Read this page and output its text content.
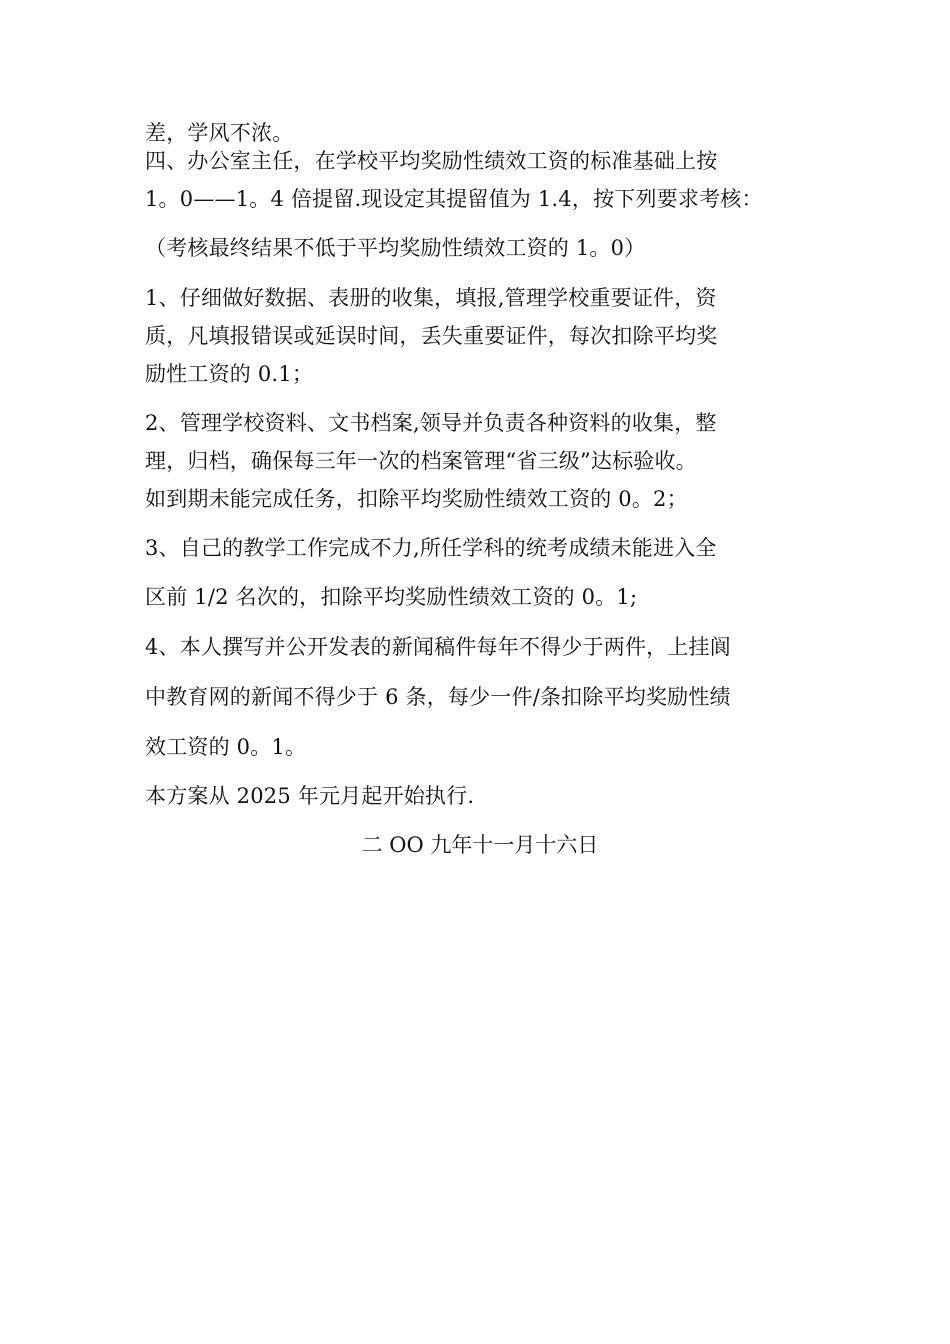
差，学风不浓。
四、办公室主任，在学校平均奖励性绩效工资的标准基础上按
1。0——1。4 倍提留.现设定其提留值为 1.4，按下列要求考核：
（考核最终结果不低于平均奖励性绩效工资的 1。0）
1、仔细做好数据、表册的收集，填报,管理学校重要证件，资
质，凡填报错误或延误时间，丢失重要证件，每次扣除平均奖
励性工资的 0.1；
2、管理学校资料、文书档案,领导并负责各种资料的收集，整
理，归档，确保每三年一次的档案管理“省三级”达标验收。
如到期未能完成任务，扣除平均奖励性绩效工资的 0。2；
3、自己的教学工作完成不力,所任学科的统考成绩未能进入全
区前 1/2 名次的，扣除平均奖励性绩效工资的 0。1;
4、本人撰写并公开发表的新闻稿件每年不得少于两件，上挂阆
中教育网的新闻不得少于 6 条，每少一件/条扣除平均奖励性绩
效工资的 0。1。
本方案从 2025 年元月起开始执行.
二 OO 九年十一月十六日
